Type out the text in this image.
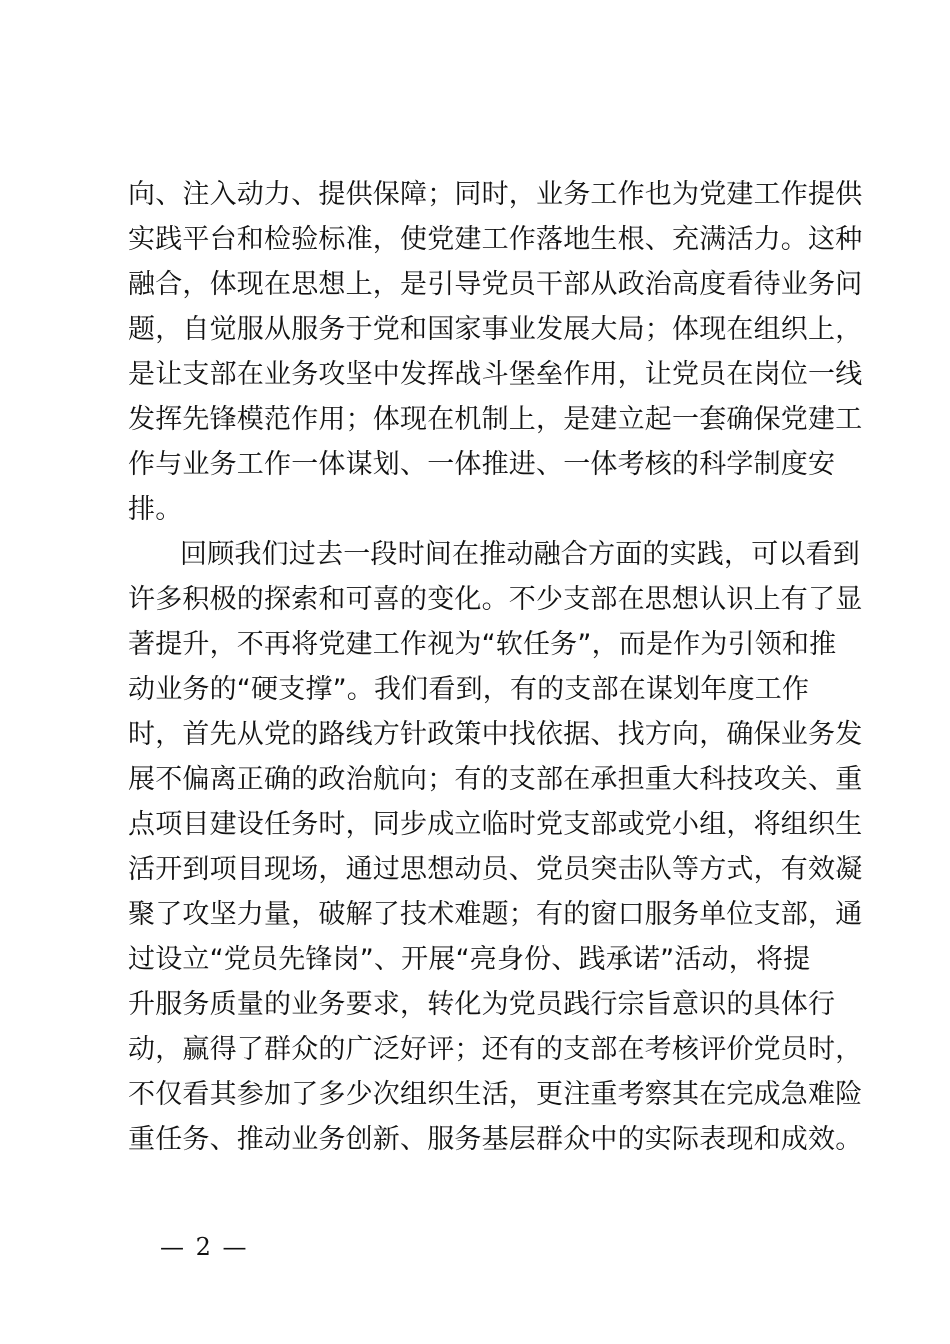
向、注入动力、提供保障；同时，业务工作也为党建工作提供
实践平台和检验标准，使党建工作落地生根、充满活力。这种
融合，体现在思想上，是引导党员干部从政治高度看待业务问
题，自觉服从服务于党和国家事业发展大局；体现在组织上，
是让支部在业务攻坚中发挥战斗堡垒作用，让党员在岗位一线
发挥先锋模范作用；体现在机制上，是建立起一套确保党建工
作与业务工作一体谋划、一体推进、一体考核的科学制度安
排。
回顾我们过去一段时间在推动融合方面的实践，可以看到
许多积极的探索和可喜的变化。不少支部在思想认识上有了显
著提升，不再将党建工作视为“软任务”，而是作为引领和推
动业务的“硬支撑”。我们看到，有的支部在谋划年度工作
时，首先从党的路线方针政策中找依据、找方向，确保业务发
展不偏离正确的政治航向；有的支部在承担重大科技攻关、重
点项目建设任务时，同步成立临时党支部或党小组，将组织生
活开到项目现场，通过思想动员、党员突击队等方式，有效凝
聚了攻坚力量，破解了技术难题；有的窗口服务单位支部，通
过设立“党员先锋岗”、开展“亮身份、践承诺”活动，将提
升服务质量的业务要求，转化为党员践行宗旨意识的具体行
动，赢得了群众的广泛好评；还有的支部在考核评价党员时，
不仅看其参加了多少次组织生活，更注重考察其在完成急难险
重任务、推动业务创新、服务基层群众中的实际表现和成效。
— 2 —
